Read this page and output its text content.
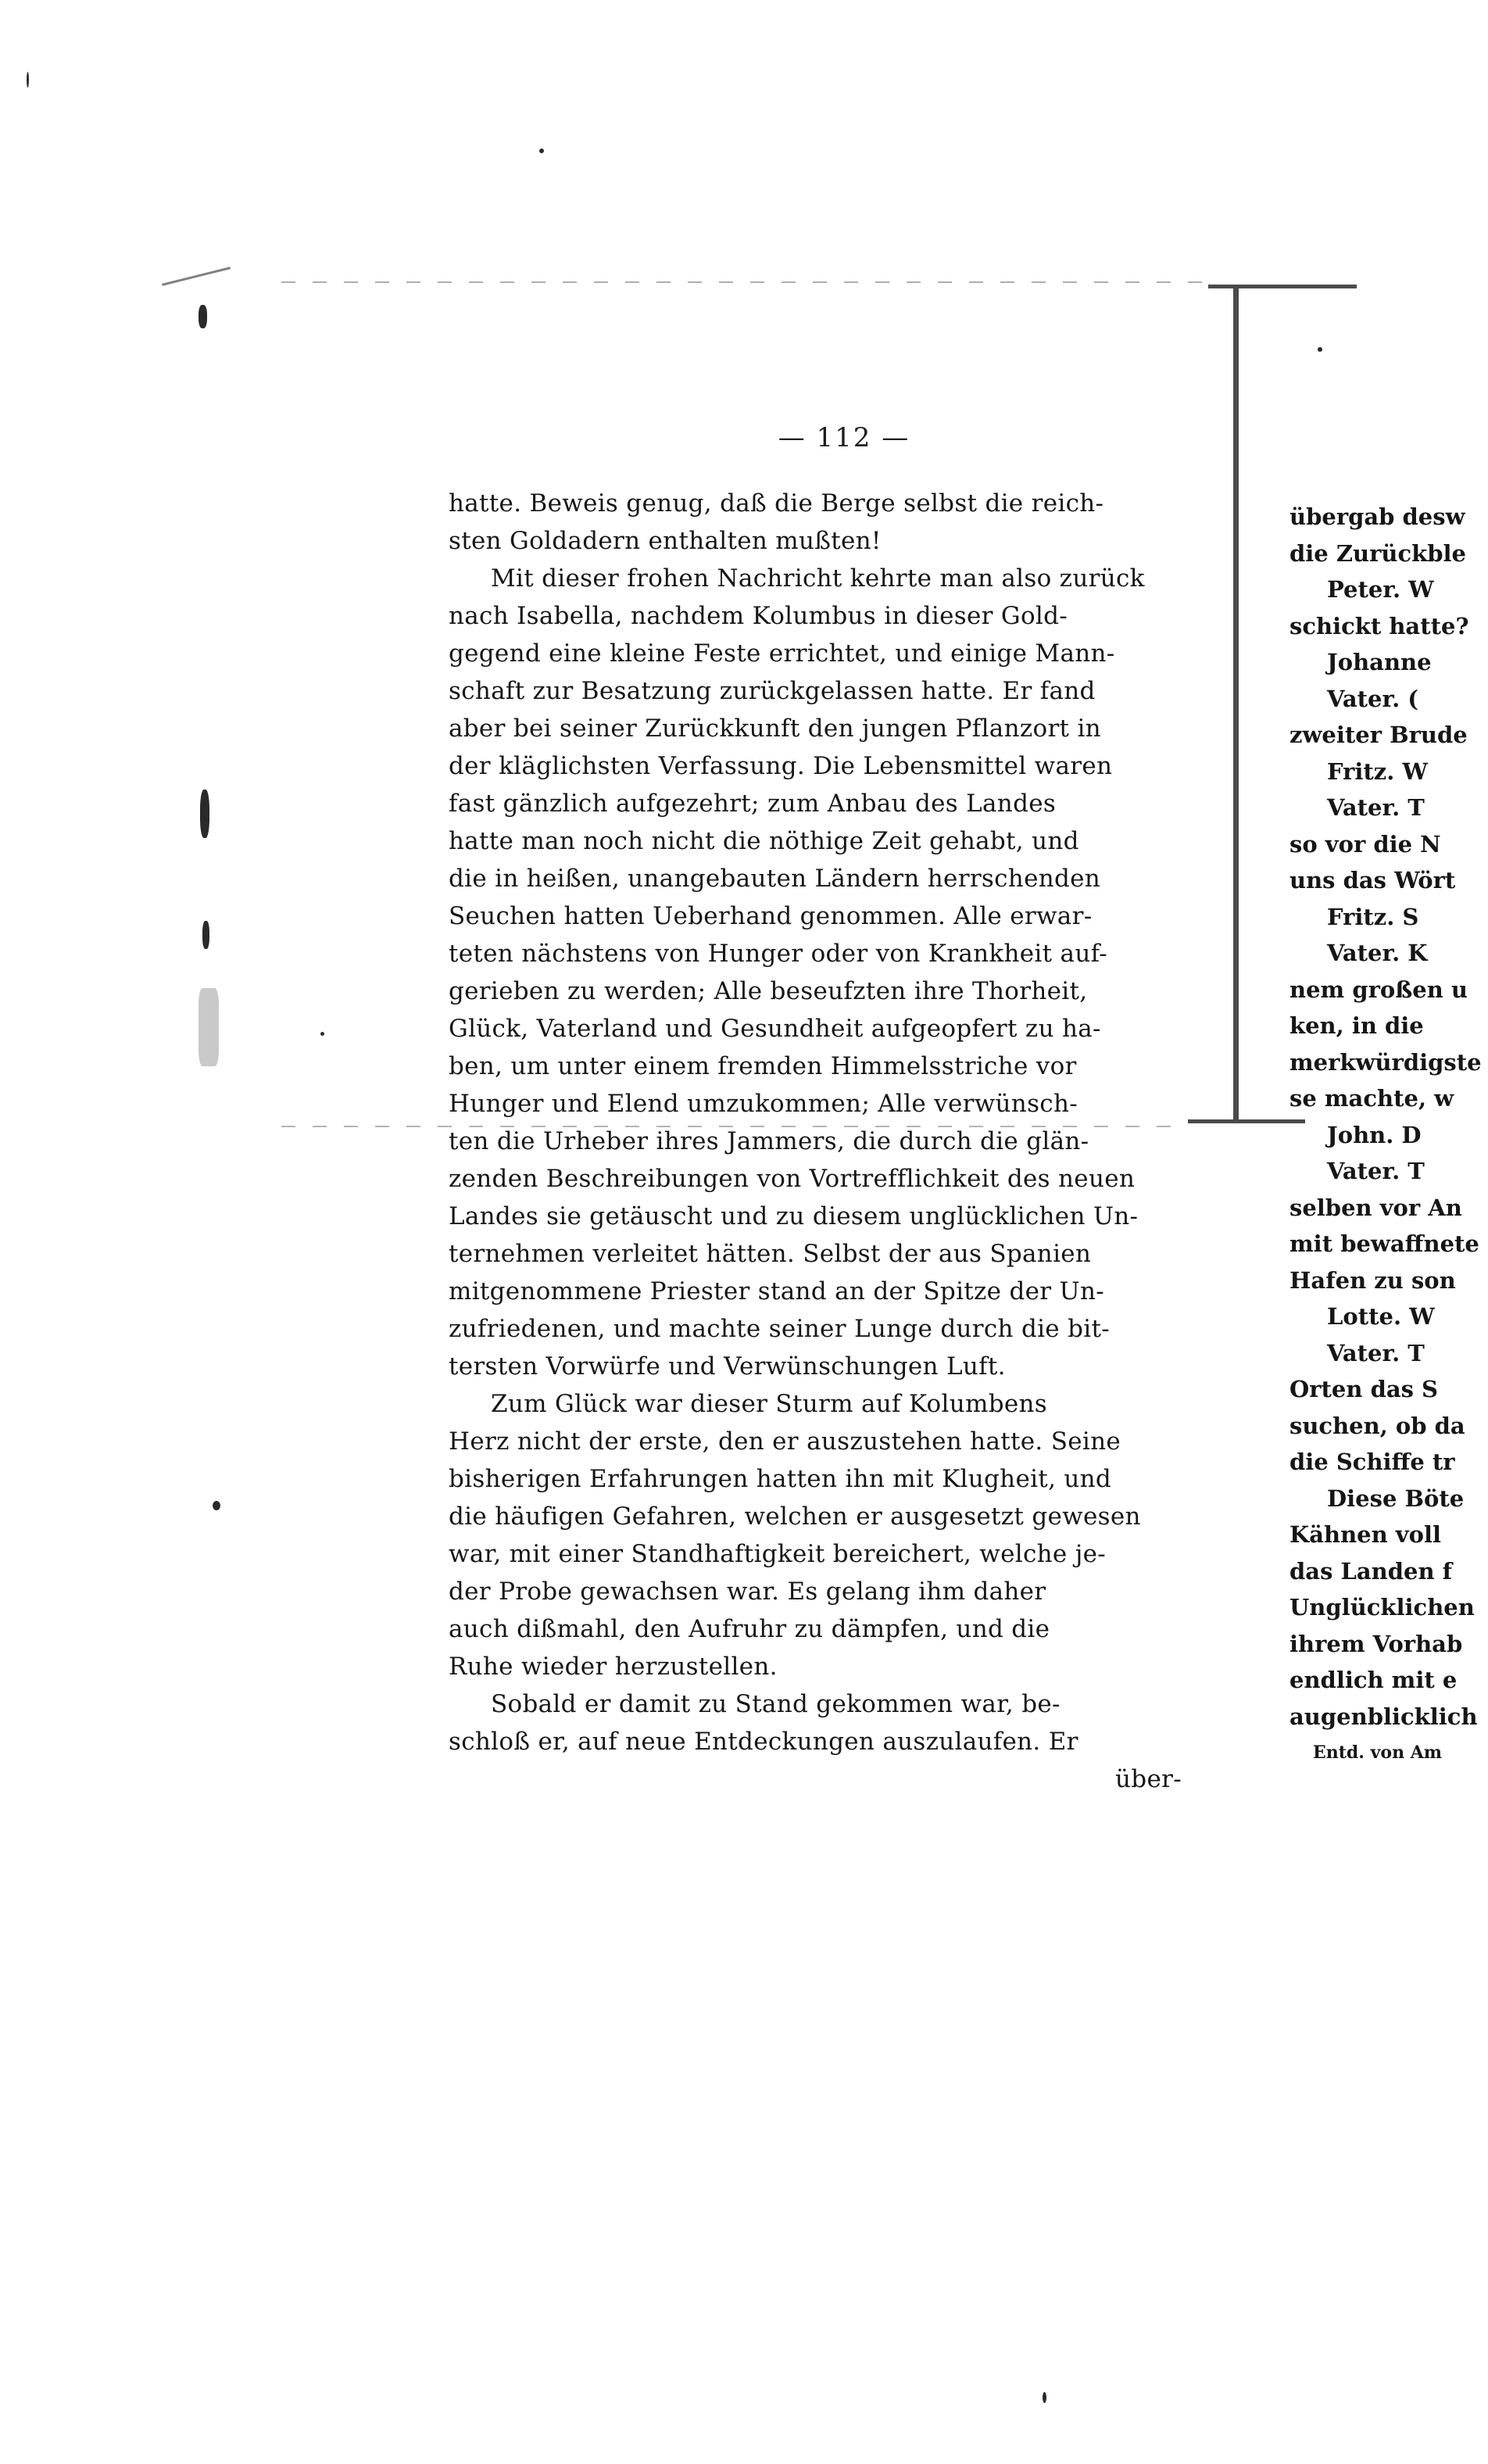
— 112 —
hatte. Beweis genug, daß die Berge selbst die reich-
sten Goldadern enthalten mußten!
Mit dieser frohen Nachricht kehrte man also zurück
nach Isabella, nachdem Kolumbus in dieser Gold-
gegend eine kleine Feste errichtet, und einige Mann-
schaft zur Besatzung zurückgelassen hatte. Er fand
aber bei seiner Zurückkunft den jungen Pflanzort in
der kläglichsten Verfassung. Die Lebensmittel waren
fast gänzlich aufgezehrt; zum Anbau des Landes
hatte man noch nicht die nöthige Zeit gehabt, und
die in heißen, unangebauten Ländern herrschenden
Seuchen hatten Ueberhand genommen. Alle erwar-
teten nächstens von Hunger oder von Krankheit auf-
gerieben zu werden; Alle beseufzten ihre Thorheit,
Glück, Vaterland und Gesundheit aufgeopfert zu ha-
ben, um unter einem fremden Himmelsstriche vor
Hunger und Elend umzukommen; Alle verwünsch-
ten die Urheber ihres Jammers, die durch die glän-
zenden Beschreibungen von Vortrefflichkeit des neuen
Landes sie getäuscht und zu diesem unglücklichen Un-
ternehmen verleitet hätten. Selbst der aus Spanien
mitgenommene Priester stand an der Spitze der Un-
zufriedenen, und machte seiner Lunge durch die bit-
tersten Vorwürfe und Verwünschungen Luft.
Zum Glück war dieser Sturm auf Kolumbens
Herz nicht der erste, den er auszustehen hatte. Seine
bisherigen Erfahrungen hatten ihn mit Klugheit, und
die häufigen Gefahren, welchen er ausgesetzt gewesen
war, mit einer Standhaftigkeit bereichert, welche je-
der Probe gewachsen war. Es gelang ihm daher
auch dißmahl, den Aufruhr zu dämpfen, und die
Ruhe wieder herzustellen.
Sobald er damit zu Stand gekommen war, be-
schloß er, auf neue Entdeckungen auszulaufen. Er
über-
übergab desw
die Zurückble
Peter. W
schickt hatte?
Johanne
Vater. (
zweiter Brude
Fritz. W
Vater. T
so vor die N
uns das Wört
Fritz. S
Vater. K
nem großen u
ken, in die
merkwürdigste
se machte, w
John. D
Vater. T
selben vor An
mit bewaffnete
Hafen zu son
Lotte. W
Vater. T
Orten das S
suchen, ob da
die Schiffe tr
Diese Böte
Kähnen voll
das Landen f
Unglücklichen
ihrem Vorhab
endlich mit e
augenblicklich
Entd. von Am
